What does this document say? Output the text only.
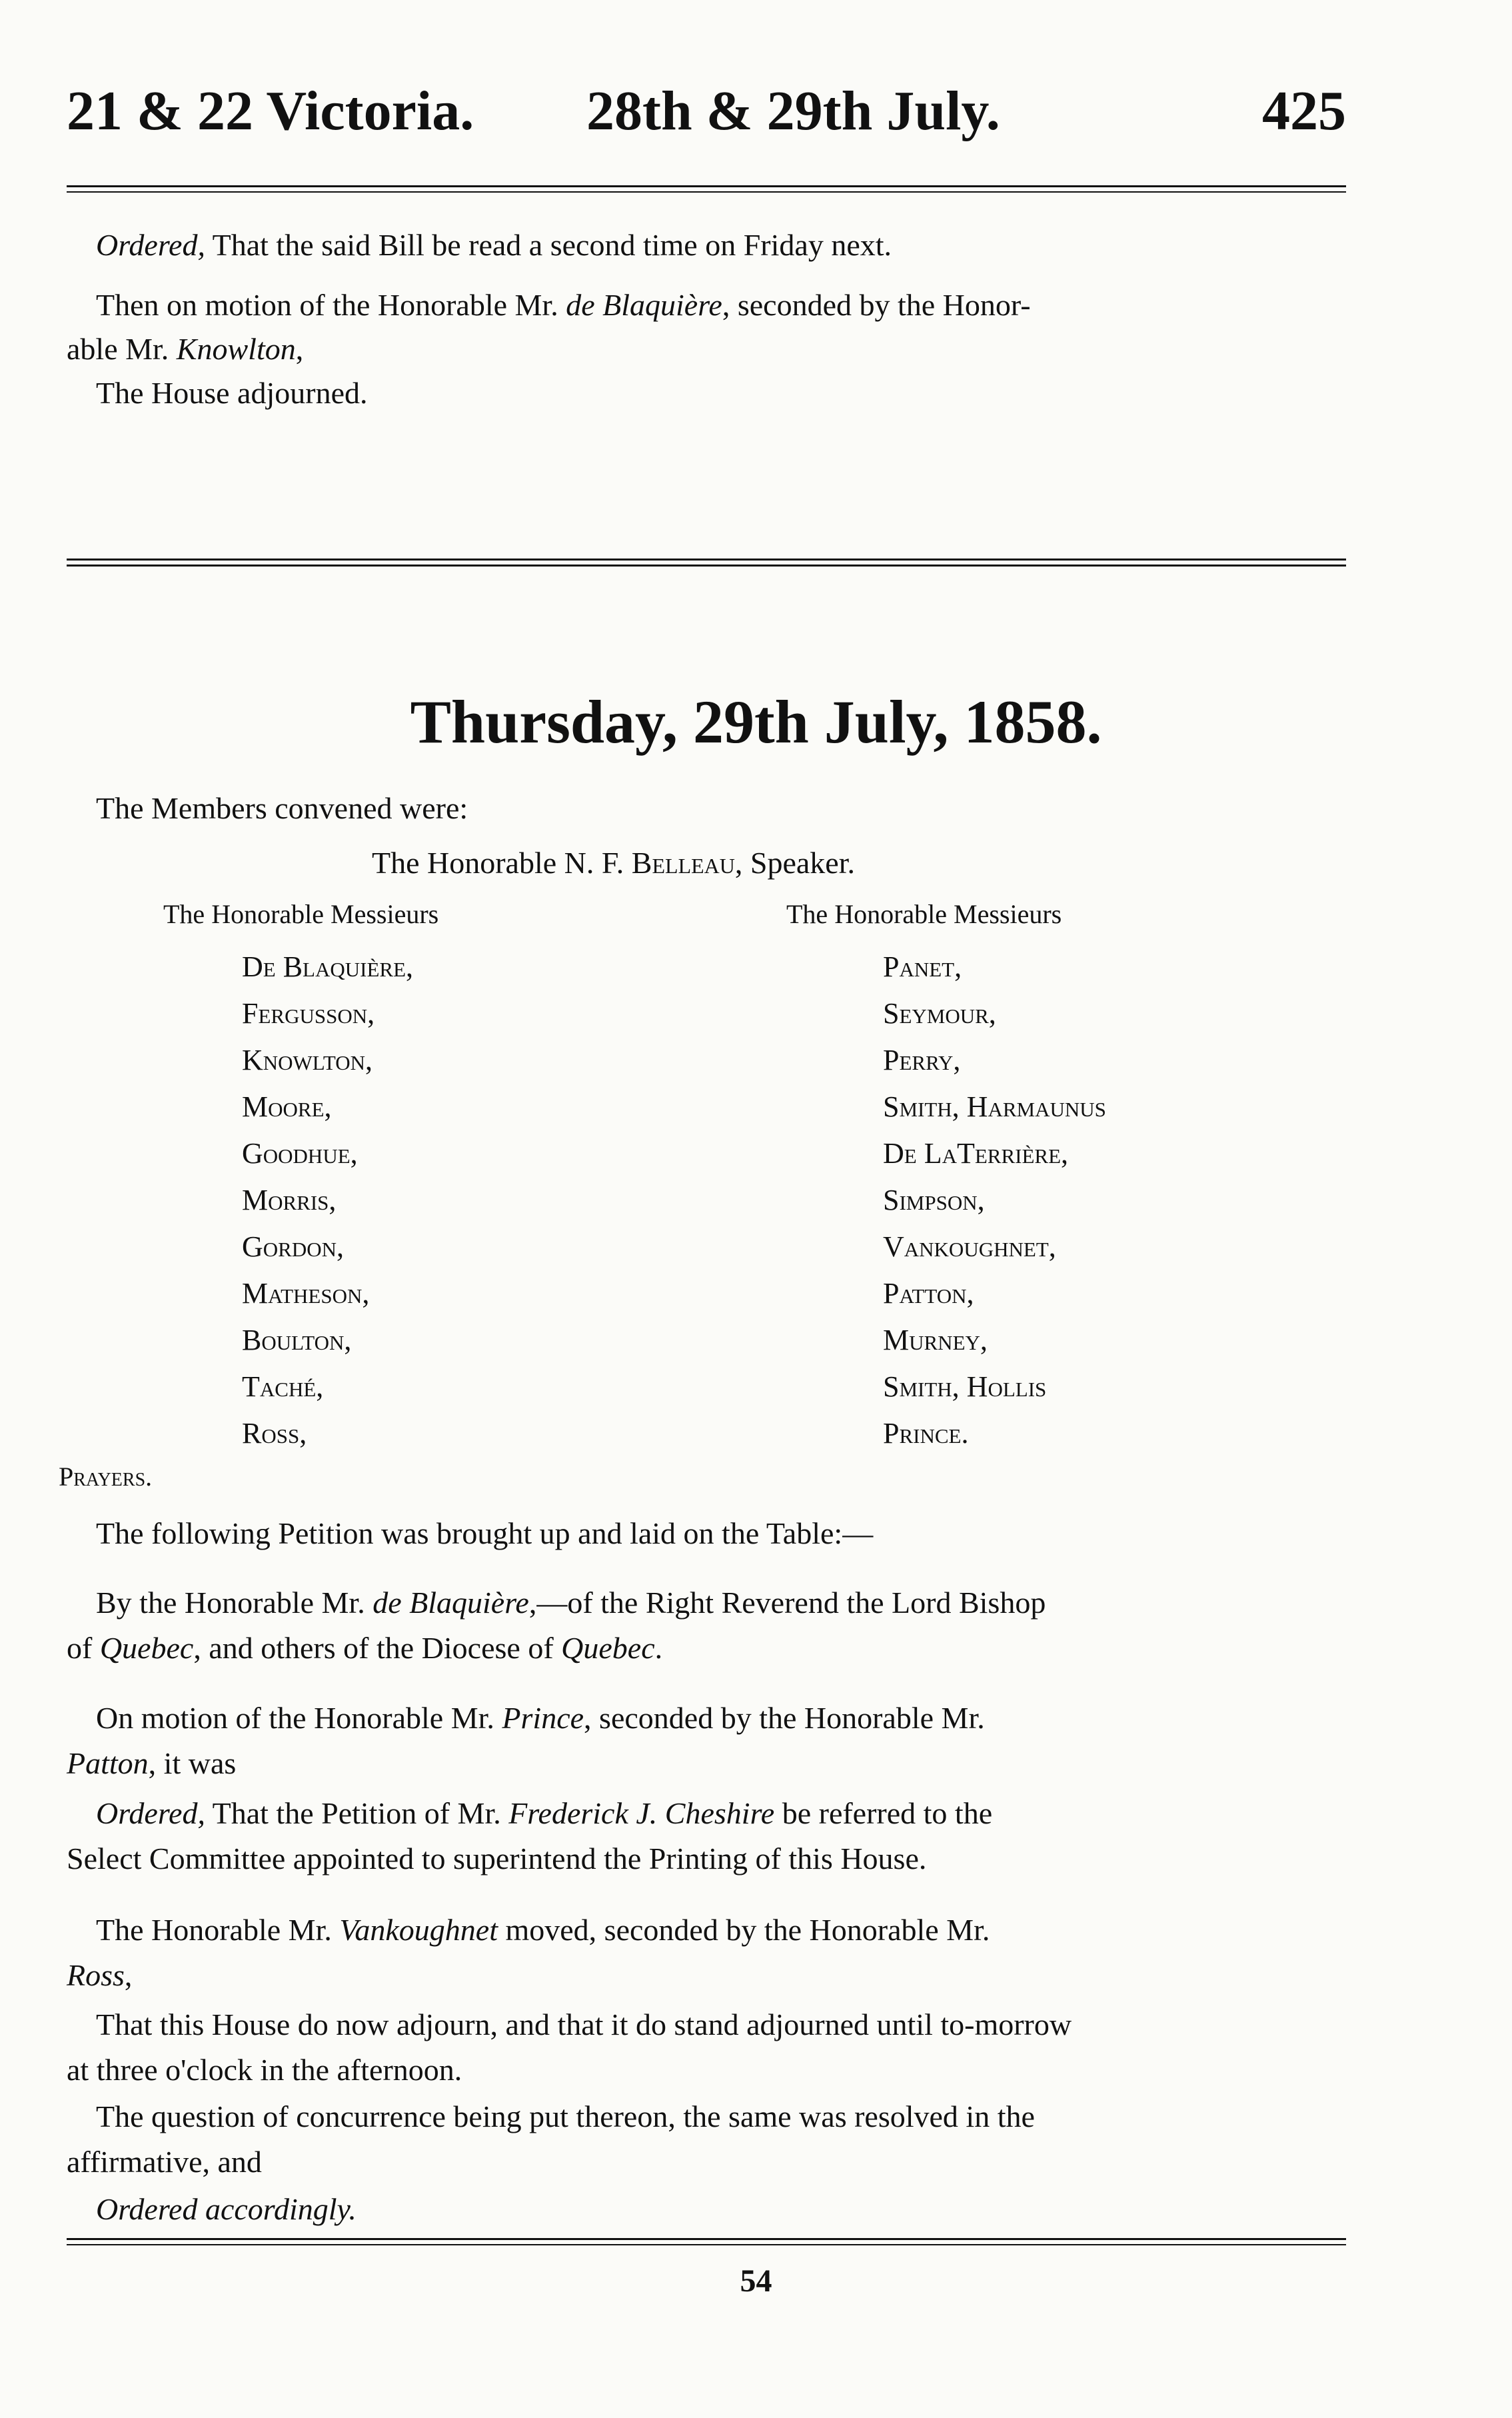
21 & 22 Victoria. 28th & 29th July.	425
Ordered, That the said Bill be read a second time on Friday next.
Then on motion of the Honorable Mr. de Blaquière, seconded by the Honor-
able Mr. Knowlton,
The House adjourned.
Thursday, 29th July, 1858.
The Members convened were:
The Honorable N. F. Belleau, Speaker.
The Honorable Messieurs	The Honorable Messieurs
De Blaquière,
Fergusson,
Knowlton,
Moore,
Goodhue,
Morris,
Gordon,
Matheson,
Boulton,
Taché,
Ross,
Panet,
Seymour,
Perry,
Smith, Harmaunus
De LaTerrière,
Simpson,
Vankoughnet,
Patton,
Murney,
Smith, Hollis
Prince.
Prayers.
The following Petition was brought up and laid on the Table:—
By the Honorable Mr. de Blaquière,—of the Right Reverend the Lord Bishop
of Quebec, and others of the Diocese of Quebec.
On motion of the Honorable Mr. Prince, seconded by the Honorable Mr.
Patton, it was
Ordered, That the Petition of Mr. Frederick J. Cheshire be referred to the
Select Committee appointed to superintend the Printing of this House.
The Honorable Mr. Vankoughnet moved, seconded by the Honorable Mr.
Ross,
That this House do now adjourn, and that it do stand adjourned until to-morrow
at three o'clock in the afternoon.
The question of concurrence being put thereon, the same was resolved in the
affirmative, and
Ordered accordingly.
54
